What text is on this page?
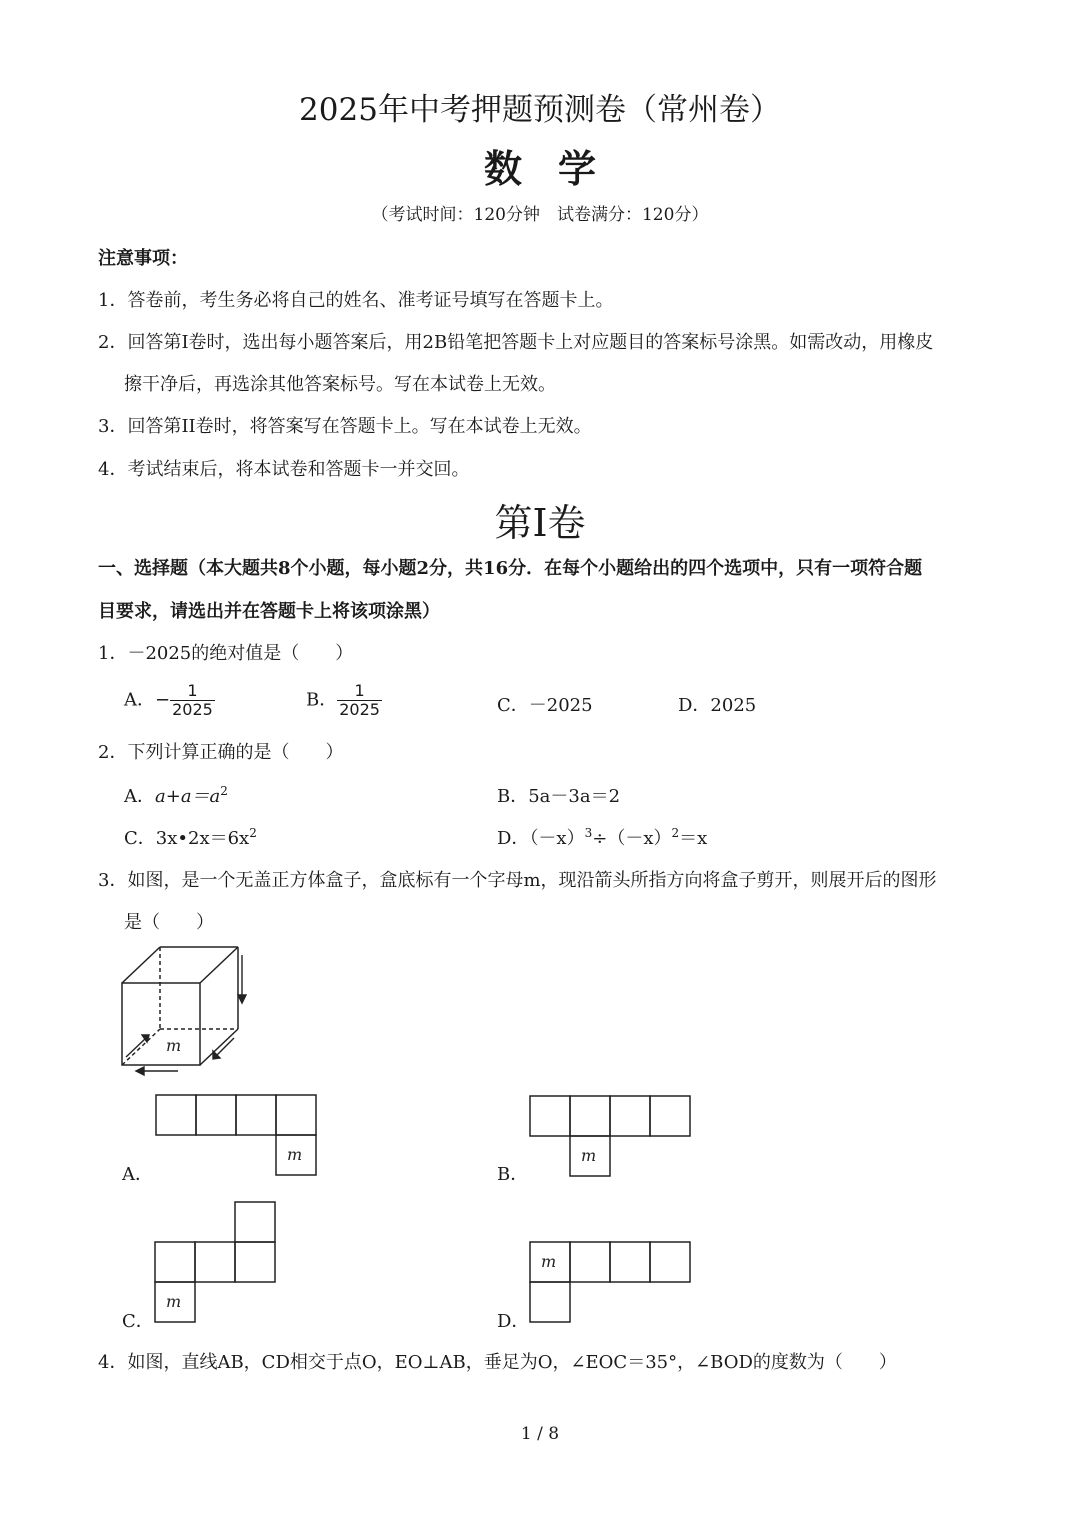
2025年中考押题预测卷（常州卷）
数学
（考试时间：120分钟　试卷满分：120分）
注意事项：
1．答卷前，考生务必将自己的姓名、准考证号填写在答题卡上。
2．回答第I卷时，选出每小题答案后，用2B铅笔把答题卡上对应题目的答案标号涂黑。如需改动，用橡皮
擦干净后，再选涂其他答案标号。写在本试卷上无效。
3．回答第II卷时，将答案写在答题卡上。写在本试卷上无效。
4．考试结束后，将本试卷和答题卡一并交回。
第I卷
一、选择题（本大题共8个小题，每小题2分，共16分．在每个小题给出的四个选项中，只有一项符合题
目要求，请选出并在答题卡上将该项涂黑）
1．－2025的绝对值是（　　）
A．− $\frac{1}{2025}$	B． $\frac{1}{2025}$	C．－2025	D．2025
2．下列计算正确的是（　　）
A．$a+a=a^2$	B．5a－3a＝2
C．$3x•2x=6x^2$	D．$(-x)^3\div(-x)^2=x$
3．如图，是一个无盖正方体盒子，盒底标有一个字母m，现沿箭头所指方向将盒子剪开，则展开后的图形
是（　　）
m
m
A．
m
B．
m
C．
m
D．
4．如图，直线AB，CD相交于点O，EO⊥AB，垂足为O，∠EOC＝35°，∠BOD的度数为（　　）
1 / 8
